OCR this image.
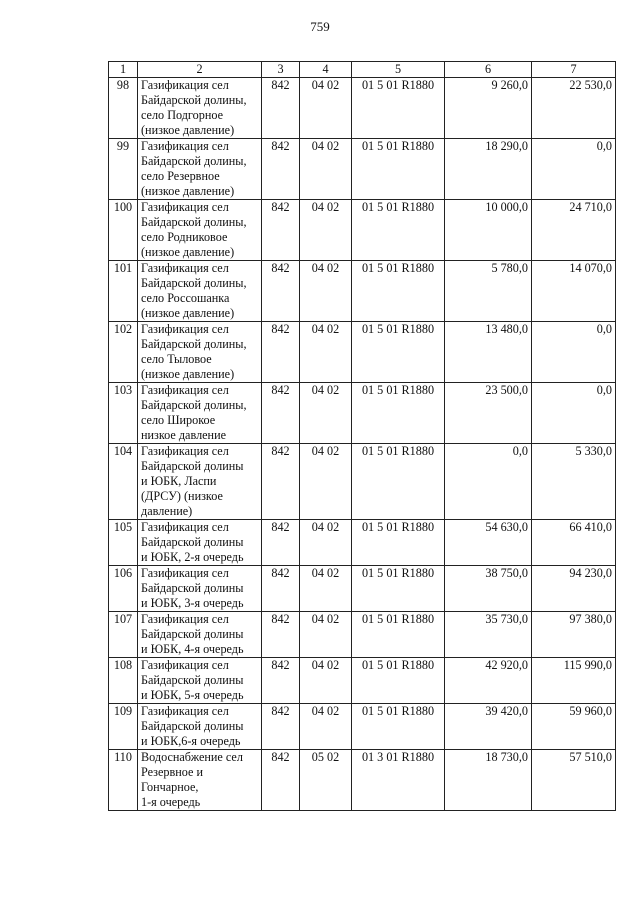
759
1	2	3	4	5	6	7
98	Газификация сел
Байдарской долины,
село Подгорное
(низкое давление)	842	04 02	01 5 01 R1880	9 260,0	22 530,0
99	Газификация сел
Байдарской долины,
село Резервное
(низкое давление)	842	04 02	01 5 01 R1880	18 290,0	0,0
100	Газификация сел
Байдарской долины,
село Родниковое
(низкое давление)	842	04 02	01 5 01 R1880	10 000,0	24 710,0
101	Газификация сел
Байдарской долины,
село Россошанка
(низкое давление)	842	04 02	01 5 01 R1880	5 780,0	14 070,0
102	Газификация сел
Байдарской долины,
село Тыловое
(низкое давление)	842	04 02	01 5 01 R1880	13 480,0	0,0
103	Газификация сел
Байдарской долины,
село Широкое
низкое давление	842	04 02	01 5 01 R1880	23 500,0	0,0
104	Газификация сел
Байдарской долины
и ЮБК, Ласпи
(ДРСУ) (низкое
давление)	842	04 02	01 5 01 R1880	0,0	5 330,0
105	Газификация сел
Байдарской долины
и ЮБК, 2-я очередь	842	04 02	01 5 01 R1880	54 630,0	66 410,0
106	Газификация сел
Байдарской долины
и ЮБК, 3-я очередь	842	04 02	01 5 01 R1880	38 750,0	94 230,0
107	Газификация сел
Байдарской долины
и ЮБК, 4-я очередь	842	04 02	01 5 01 R1880	35 730,0	97 380,0
108	Газификация сел
Байдарской долины
и ЮБК, 5-я очередь	842	04 02	01 5 01 R1880	42 920,0	115 990,0
109	Газификация сел
Байдарской долины
и ЮБК,6-я очередь	842	04 02	01 5 01 R1880	39 420,0	59 960,0
110	Водоснабжение сел
Резервное и
Гончарное,
1-я очередь	842	05 02	01 3 01 R1880	18 730,0	57 510,0
